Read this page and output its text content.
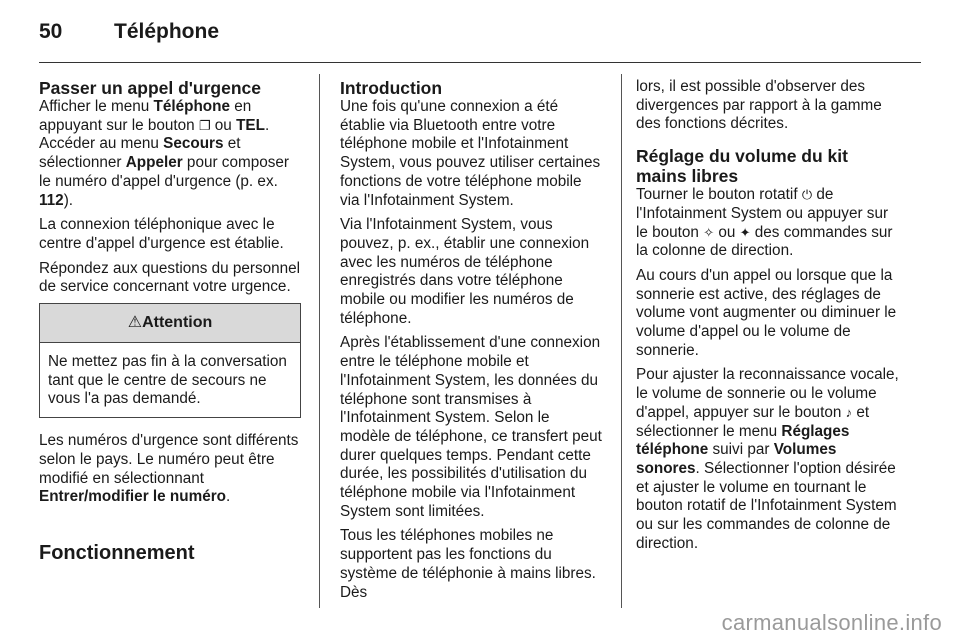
50 Téléphone
Passer un appel d'urgence

Afficher le menu Téléphone en appuyant sur le bouton ❐ ou TEL. Accéder au menu Secours et sélectionner Appeler pour composer le numéro d'appel d'urgence (p. ex. 112).

La connexion téléphonique avec le centre d'appel d'urgence est établie.

Répondez aux questions du personnel de service concernant votre urgence.

⚠Attention
Ne mettez pas fin à la conversation tant que le centre de secours ne vous l'a pas demandé.

Les numéros d'urgence sont différents selon le pays. Le numéro peut être modifié en sélectionnant Entrer/modifier le numéro.

Fonctionnement
Introduction

Une fois qu'une connexion a été établie via Bluetooth entre votre téléphone mobile et l'Infotainment System, vous pouvez utiliser certaines fonctions de votre téléphone mobile via l'Infotainment System.

Via l'Infotainment System, vous pouvez, p. ex., établir une connexion avec les numéros de téléphone enregistrés dans votre téléphone mobile ou modifier les numéros de téléphone.

Après l'établissement d'une connexion entre le téléphone mobile et l'Infotainment System, les données du téléphone sont transmises à l'Infotainment System. Selon le modèle de téléphone, ce transfert peut durer quelques temps. Pendant cette durée, les possibilités d'utilisation du téléphone mobile via l'Infotainment System sont limitées.

Tous les téléphones mobiles ne supportent pas les fonctions du système de téléphonie à mains libres. Dès

lors, il est possible d'observer des divergences par rapport à la gamme des fonctions décrites.

Réglage du volume du kit mains libres

Tourner le bouton rotatif ⏻ de l'Infotainment System ou appuyer sur le bouton ✧ ou ✦ des commandes sur la colonne de direction.

Au cours d'un appel ou lorsque que la sonnerie est active, des réglages de volume vont augmenter ou diminuer le volume d'appel ou le volume de sonnerie.

Pour ajuster la reconnaissance vocale, le volume de sonnerie ou le volume d'appel, appuyer sur le bouton ♪ et sélectionner le menu Réglages téléphone suivi par Volumes sonores. Sélectionner l'option désirée et ajuster le volume en tournant le bouton rotatif de l'Infotainment System ou sur les commandes de colonne de direction.

carmanualsonline.info
